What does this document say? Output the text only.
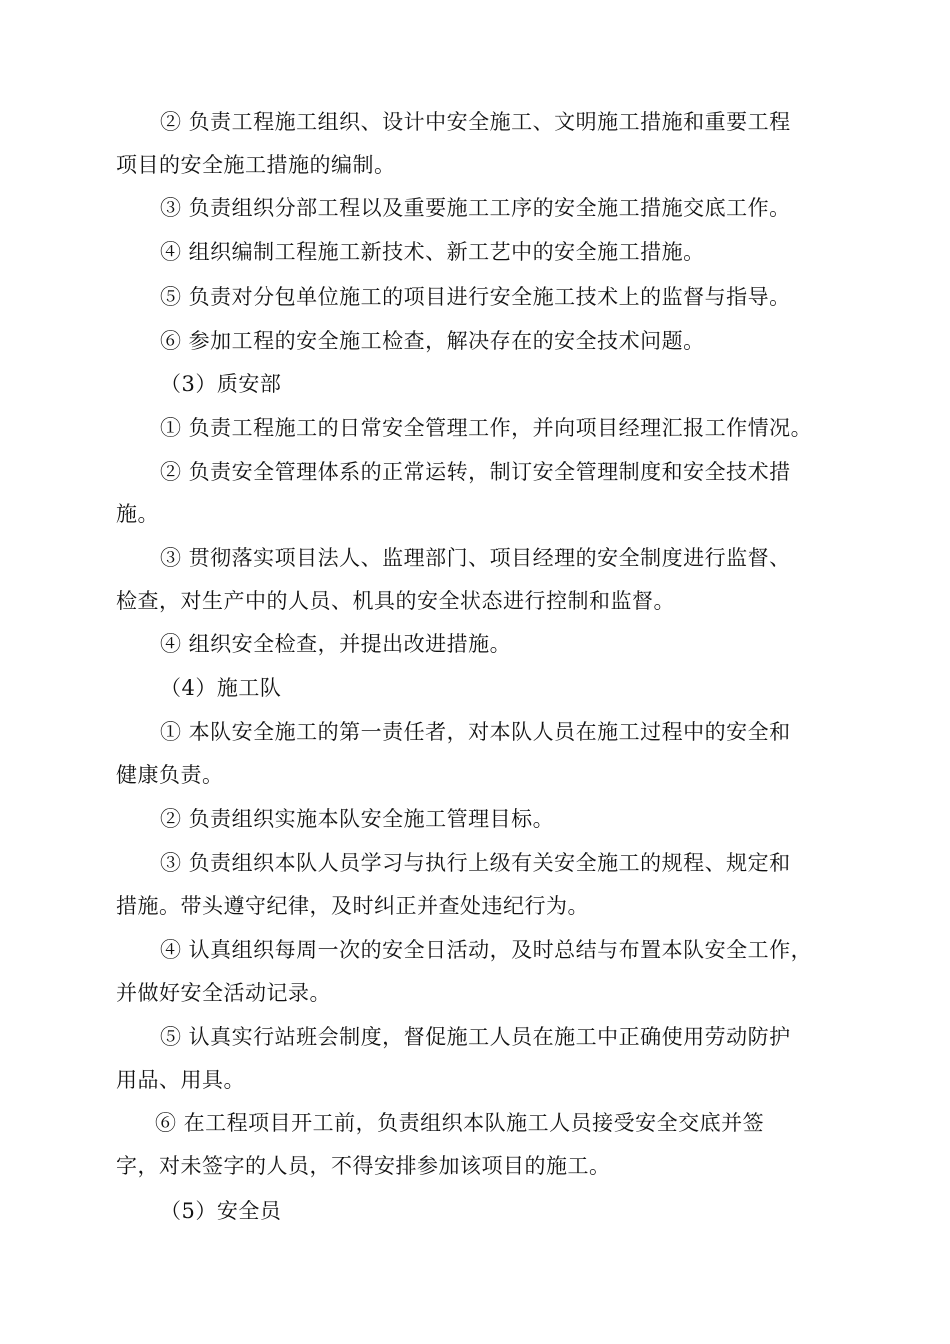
② 负责工程施工组织、设计中安全施工、文明施工措施和重要工程
项目的安全施工措施的编制。
③ 负责组织分部工程以及重要施工工序的安全施工措施交底工作。
④ 组织编制工程施工新技术、新工艺中的安全施工措施。
⑤ 负责对分包单位施工的项目进行安全施工技术上的监督与指导。
⑥ 参加工程的安全施工检查，解决存在的安全技术问题。
（3）质安部
① 负责工程施工的日常安全管理工作，并向项目经理汇报工作情况。
② 负责安全管理体系的正常运转，制订安全管理制度和安全技术措
施。
③ 贯彻落实项目法人、监理部门、项目经理的安全制度进行监督、
检查，对生产中的人员、机具的安全状态进行控制和监督。
④ 组织安全检查，并提出改进措施。
（4）施工队
① 本队安全施工的第一责任者，对本队人员在施工过程中的安全和
健康负责。
② 负责组织实施本队安全施工管理目标。
③ 负责组织本队人员学习与执行上级有关安全施工的规程、规定和
措施。带头遵守纪律，及时纠正并查处违纪行为。
④ 认真组织每周一次的安全日活动，及时总结与布置本队安全工作，
并做好安全活动记录。
⑤ 认真实行站班会制度，督促施工人员在施工中正确使用劳动防护
用品、用具。
⑥ 在工程项目开工前，负责组织本队施工人员接受安全交底并签
字，对未签字的人员，不得安排参加该项目的施工。
（5）安全员
